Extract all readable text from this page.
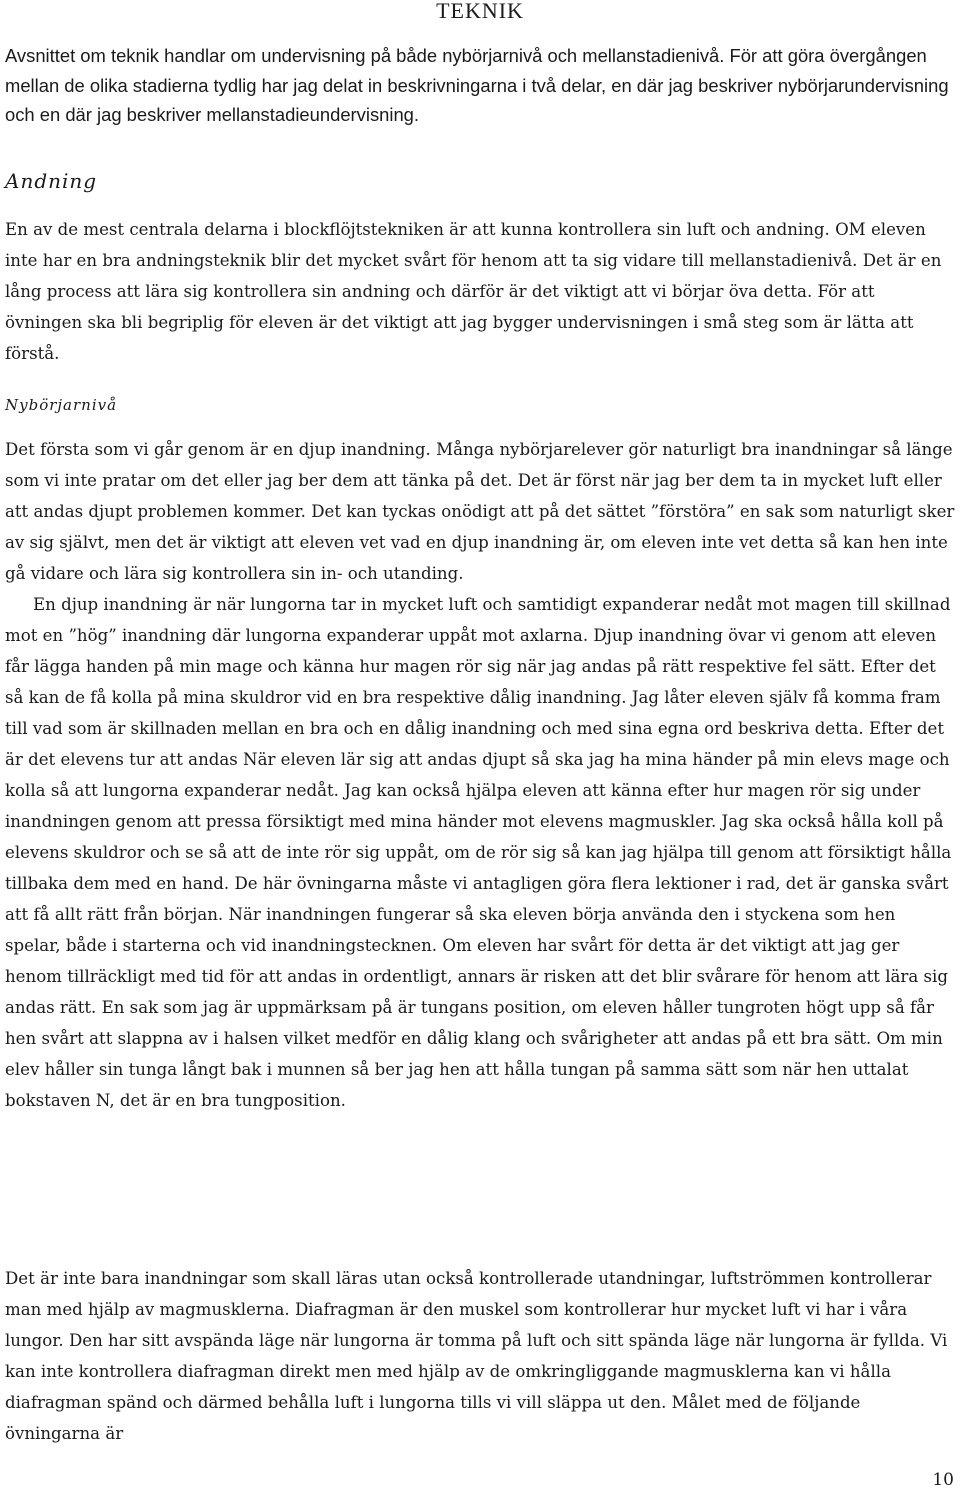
TEKNIK
Avsnittet om teknik handlar om undervisning på både nybörjarnivå och mellanstadienivå. För att göra övergången mellan de olika stadierna tydlig har jag delat in beskrivningarna i två delar, en där jag beskriver nybörjarundervisning och en där jag beskriver mellanstadieundervisning.
Andning

En av de mest centrala delarna i blockflöjtstekniken är att kunna kontrollera sin luft och andning. OM eleven inte har en bra andningsteknik blir det mycket svårt för henom att ta sig vidare till mellanstadienivå. Det är en lång process att lära sig kontrollera sin andning och därför är det viktigt att vi börjar öva detta. För att övningen ska bli begriplig för eleven är det viktigt att jag bygger undervisningen i små steg som är lätta att förstå.

Nybörjarnivå

Det första som vi går genom är en djup inandning. Många nybörjarelever gör naturligt bra inandningar så länge som vi inte pratar om det eller jag ber dem att tänka på det. Det är först när jag ber dem ta in mycket luft eller att andas djupt problemen kommer. Det kan tyckas onödigt att på det sättet ”förstöra” en sak som naturligt sker av sig självt, men det är viktigt att eleven vet vad en djup inandning är, om eleven inte vet detta så kan hen inte gå vidare och lära sig kontrollera sin in- och utanding.

En djup inandning är när lungorna tar in mycket luft och samtidigt expanderar nedåt mot magen till skillnad mot en ”hög” inandning där lungorna expanderar uppåt mot axlarna. Djup inandning övar vi genom att eleven får lägga handen på min mage och känna hur magen rör sig när jag andas på rätt respektive fel sätt. Efter det så kan de få kolla på mina skuldror vid en bra respektive dålig inandning. Jag låter eleven själv få komma fram till vad som är skillnaden mellan en bra och en dålig inandning och med sina egna ord beskriva detta. Efter det är det elevens tur att andas När eleven lär sig att andas djupt så ska jag ha mina händer på min elevs mage och kolla så att lungorna expanderar nedåt. Jag kan också hjälpa eleven att känna efter hur magen rör sig under inandningen genom att pressa försiktigt med mina händer mot elevens magmuskler. Jag ska också hålla koll på elevens skuldror och se så att de inte rör sig uppåt, om de rör sig så kan jag hjälpa till genom att försiktigt hålla tillbaka dem med en hand. De här övningarna måste vi antagligen göra flera lektioner i rad, det är ganska svårt att få allt rätt från början. När inandningen fungerar så ska eleven börja använda den i styckena som hen spelar, både i starterna och vid inandningstecknen. Om eleven har svårt för detta är det viktigt att jag ger henom tillräckligt med tid för att andas in ordentligt, annars är risken att det blir svårare för henom att lära sig andas rätt. En sak som jag är uppmärksam på är tungans position, om eleven håller tungroten högt upp så får hen svårt att slappna av i halsen vilket medför en dålig klang och svårigheter att andas på ett bra sätt. Om min elev håller sin tunga långt bak i munnen så ber jag hen att hålla tungan på samma sätt som när hen uttalat bokstaven N, det är en bra tungposition.

Det är inte bara inandningar som skall läras utan också kontrollerade utandningar, luftströmmen kontrollerar man med hjälp av magmusklerna. Diafragman är den muskel som kontrollerar hur mycket luft vi har i våra lungor. Den har sitt avspända läge när lungorna är tomma på luft och sitt spända läge när lungorna är fyllda. Vi kan inte kontrollera diafragman direkt men med hjälp av de omkringliggande magmusklerna kan vi hålla diafragman spänd och därmed behålla luft i lungorna tills vi vill släppa ut den. Målet med de följande övningarna är

10
